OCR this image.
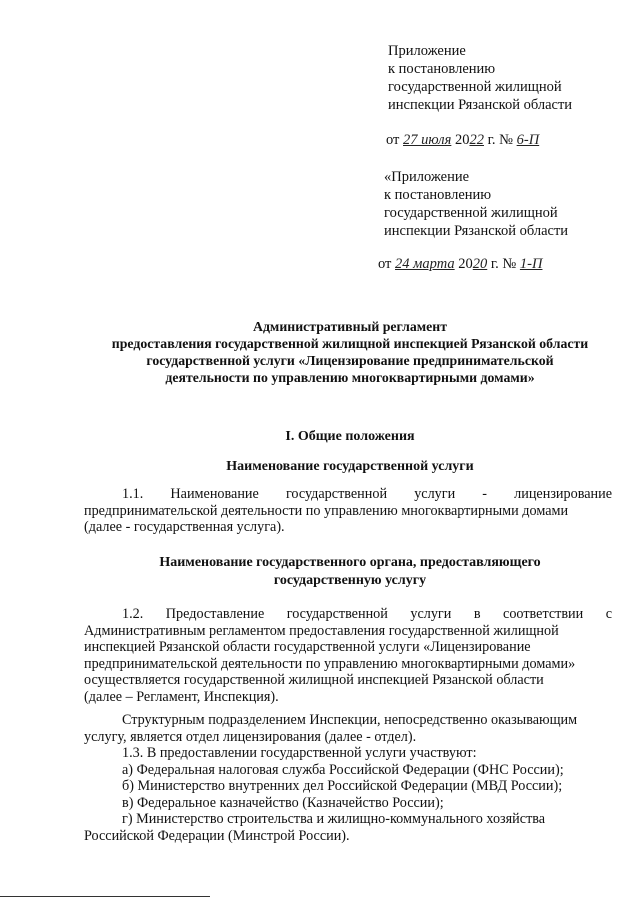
Приложение
к постановлению
государственной жилищной
инспекции Рязанской области
от 27 июля 2022 г. № 6-П
«Приложение
к постановлению
государственной жилищной
инспекции Рязанской области
от 24 марта 2020 г. № 1-П
Административный регламент
предоставления государственной жилищной инспекцией Рязанской области
государственной услуги «Лицензирование предпринимательской
деятельности по управлению многоквартирными домами»
I. Общие положения
Наименование государственной услуги
1.1. Наименование государственной услуги - лицензирование
предпринимательской деятельности по управлению многоквартирными домами
(далее - государственная услуга).
Наименование государственного органа, предоставляющего
государственную услугу
1.2. Предоставление государственной услуги в соответствии с
Административным регламентом предоставления государственной жилищной
инспекцией Рязанской области государственной услуги «Лицензирование
предпринимательской деятельности по управлению многоквартирными домами»
осуществляется государственной жилищной инспекцией Рязанской области
(далее – Регламент, Инспекция).
Структурным подразделением Инспекции, непосредственно оказывающим
услугу, является отдел лицензирования (далее - отдел).
1.3. В предоставлении государственной услуги участвуют:
а) Федеральная налоговая служба Российской Федерации (ФНС России);
б) Министерство внутренних дел Российской Федерации (МВД России);
в) Федеральное казначейство (Казначейство России);
г) Министерство строительства и жилищно-коммунального хозяйства
Российской Федерации (Минстрой России).
